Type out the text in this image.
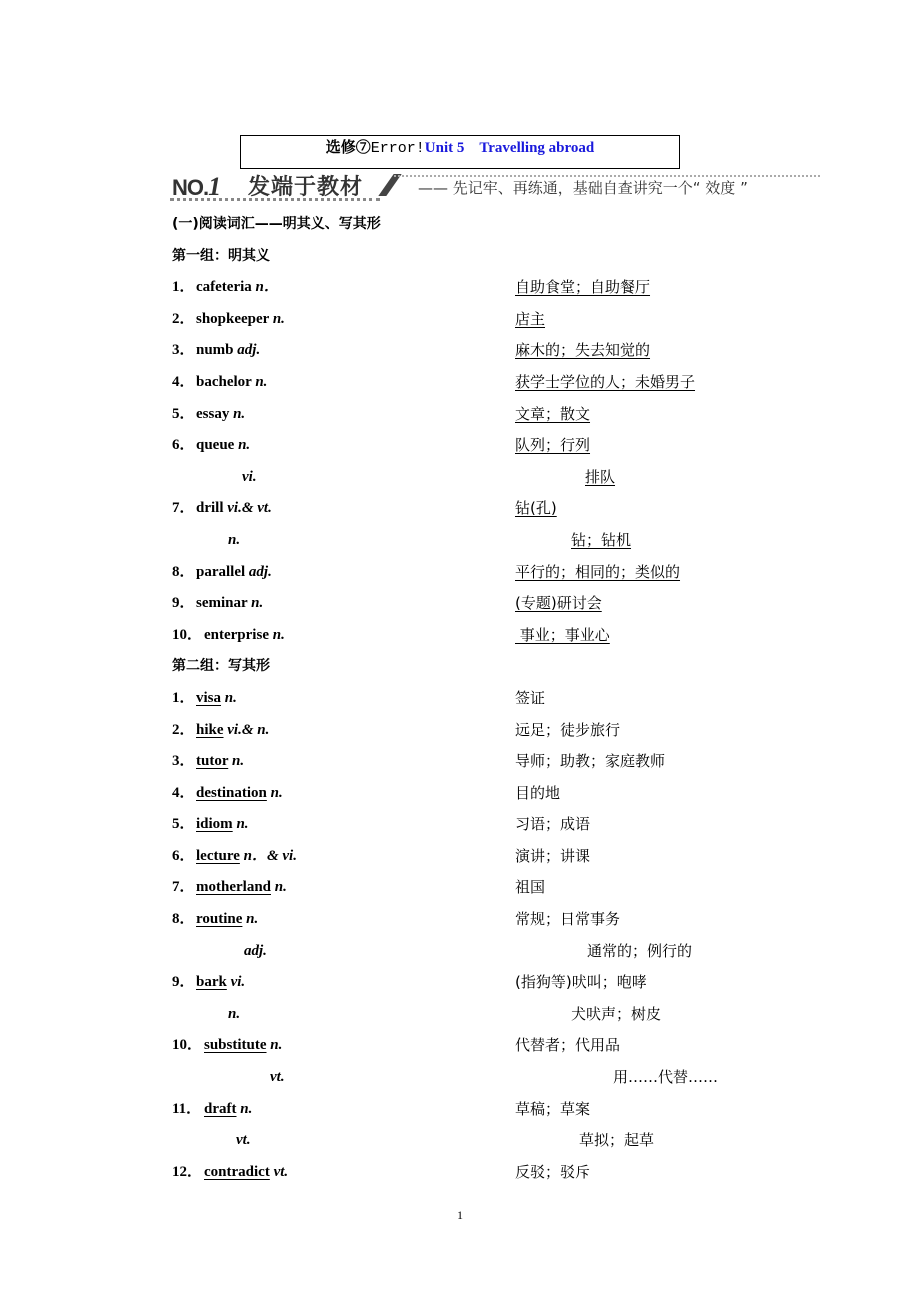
选修⑦Error!Unit 5 Travelling abroad
NO.1 发端于教材	—— 先记牢、再练通，基础自查讲究一个“ 效度 ”
(一)阅读词汇——明其义、写其形
第一组：明其义
1．cafeteria n．	自助食堂；自助餐厅
2．shopkeeper n.	店主
3．numb adj.	麻木的；失去知觉的
4．bachelor n.	获学士学位的人；未婚男子
5．essay n.	文章；散文
6．queue n.	队列；行列
vi.	排队
7．drill vi.& vt.	钻(孔)
n.	钻；钻机
8．parallel adj.	平行的；相同的；类似的
9．seminar n.	(专题)研讨会
10． enterprise n.	事业；事业心
第二组：写其形
1．visa n.	签证
2．hike vi.& n.	远足；徒步旅行
3．tutor n.	导师；助教；家庭教师
4．destination n.	目的地
5．idiom n.	习语；成语
6．lecture n．& vi.	演讲；讲课
7．motherland n.	祖国
8．routine n.	常规；日常事务
adj.	通常的；例行的
9．bark vi.	(指狗等)吠叫；咆哮
n.	犬吠声；树皮
10． substitute n.	代替者；代用品
vt.	用……代替……
11． draft n.	草稿；草案
vt.	草拟；起草
12． contradict vt.	反驳；驳斥
1
